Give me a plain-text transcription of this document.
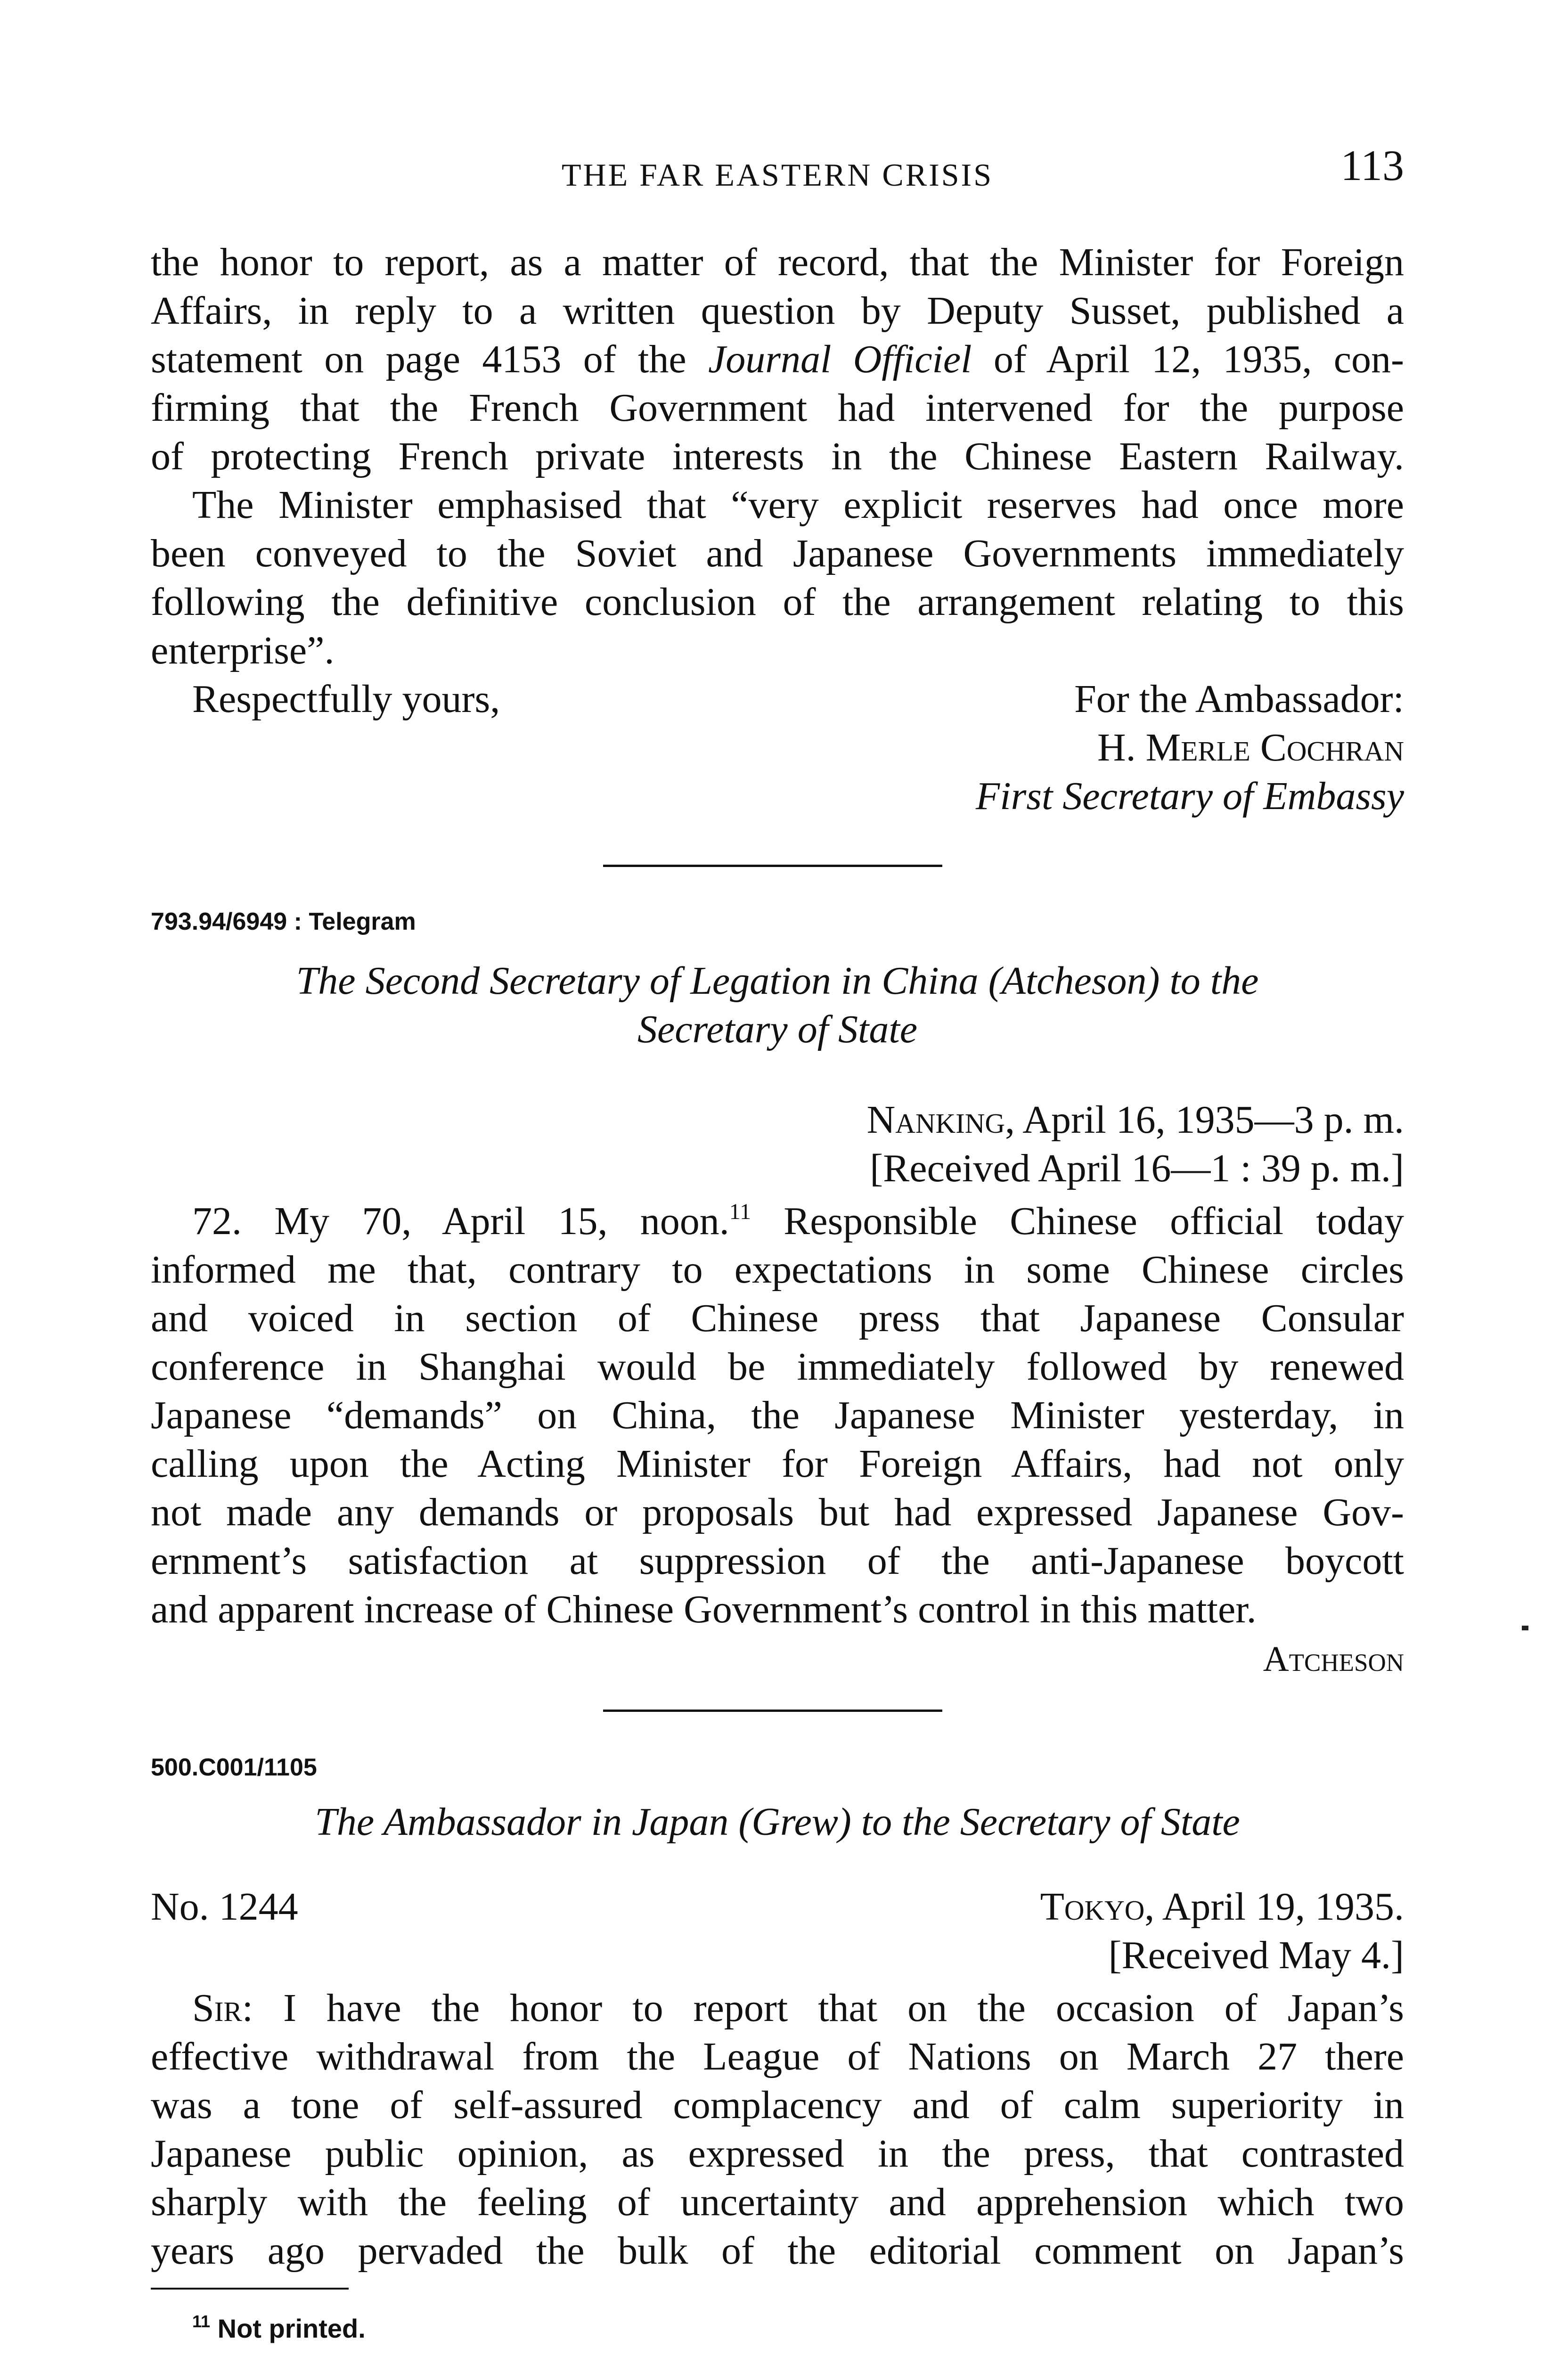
THE FAR EASTERN CRISIS	113
the honor to report, as a matter of record, that the Minister for Foreign
Affairs, in reply to a written question by Deputy Susset, published a
statement on page 4153 of the Journal Officiel of April 12, 1935, con-
firming that the French Government had intervened for the purpose
of protecting French private interests in the Chinese Eastern Railway.
The Minister emphasised that “very explicit reserves had once more
been conveyed to the Soviet and Japanese Governments immediately
following the definitive conclusion of the arrangement relating to this
enterprise”.
Respectfully yours,	For the Ambassador:
H. Merle Cochran
First Secretary of Embassy
793.94/6949 : Telegram
The Second Secretary of Legation in China (Atcheson) to the
Secretary of State
Nanking, April 16, 1935—3 p. m.
[Received April 16—1 : 39 p. m.]
72. My 70, April 15, noon.$^{11}$ Responsible Chinese official today
informed me that, contrary to expectations in some Chinese circles
and voiced in section of Chinese press that Japanese Consular
conference in Shanghai would be immediately followed by renewed
Japanese “demands” on China, the Japanese Minister yesterday, in
calling upon the Acting Minister for Foreign Affairs, had not only
not made any demands or proposals but had expressed Japanese Gov-
ernment’s satisfaction at suppression of the anti-Japanese boycott
and apparent increase of Chinese Government’s control in this matter.
Atcheson
500.C001/1105
The Ambassador in Japan (Grew) to the Secretary of State
No. 1244	Tokyo, April 19, 1935.
[Received May 4.]
Sir: I have the honor to report that on the occasion of Japan’s
effective withdrawal from the League of Nations on March 27 there
was a tone of self-assured complacency and of calm superiority in
Japanese public opinion, as expressed in the press, that contrasted
sharply with the feeling of uncertainty and apprehension which two
years ago pervaded the bulk of the editorial comment on Japan’s
$^{11}$ Not printed.
